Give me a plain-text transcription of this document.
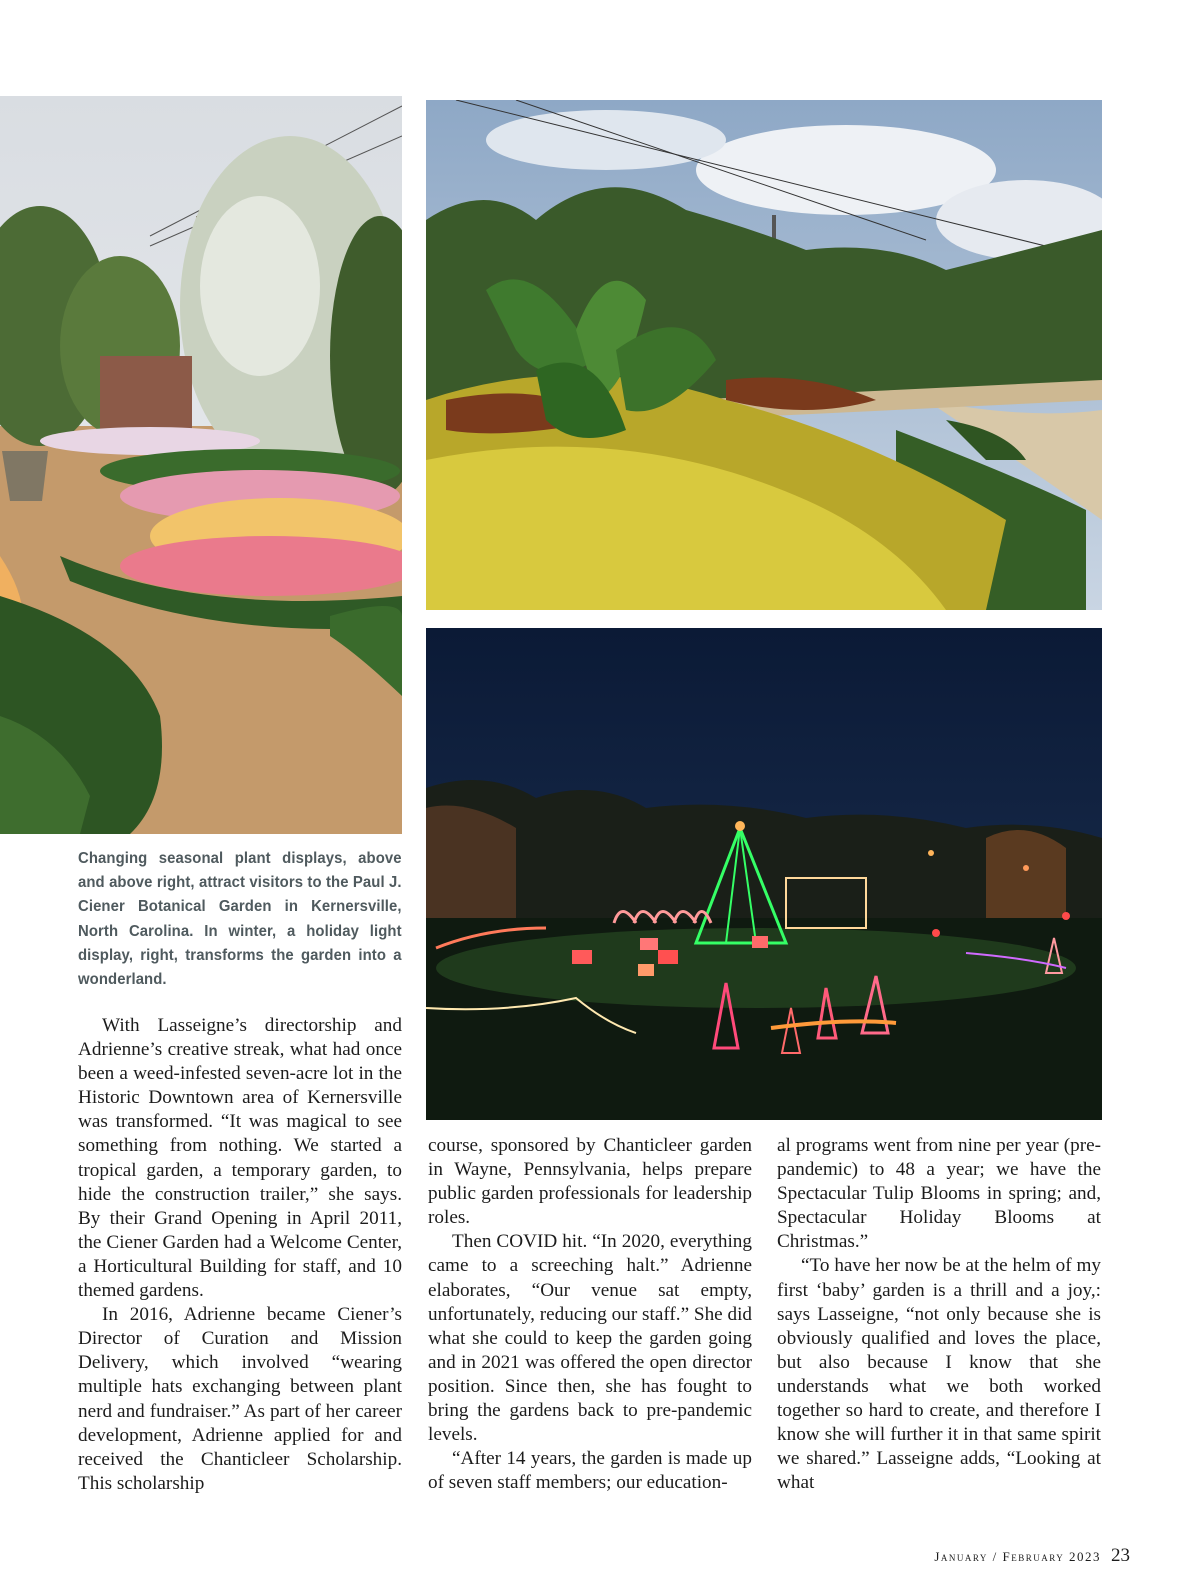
Changing seasonal plant displays, above and above right, attract visitors to the Paul J. Ciener Botanical Garden in Kernersville, North Carolina. In winter, a holiday light display, right, transforms the garden into a wonderland.

With Lasseigne’s directorship and Adrienne’s creative streak, what had once been a weed-infested seven-acre lot in the Historic Downtown area of Kernersville was transformed. “It was magical to see something from nothing. We started a tropical garden, a temporary garden, to hide the construction trailer,” she says. By their Grand Opening in April 2011, the Ciener Garden had a Welcome Center, a Horticultural Building for staff, and 10 themed gardens.

In 2016, Adrienne became Ciener’s Director of Curation and Mission Delivery, which involved “wearing multiple hats exchanging between plant nerd and fundraiser.” As part of her career development, Adrienne applied for and received the Chanticleer Scholarship. This scholarship

course, sponsored by Chanticleer garden in Wayne, Pennsylvania, helps prepare public garden professionals for leadership roles.

Then COVID hit. “In 2020, everything came to a screeching halt.” Adrienne elaborates, “Our venue sat empty, unfortunately, reducing our staff.” She did what she could to keep the garden going and in 2021 was offered the open director position. Since then, she has fought to bring the gardens back to pre-pandemic levels.

“After 14 years, the garden is made up of seven staff members; our education-

al programs went from nine per year (pre-pandemic) to 48 a year; we have the Spectacular Tulip Blooms in spring; and, Spectacular Holiday Blooms at Christmas.”

“To have her now be at the helm of my first ‘baby’ garden is a thrill and a joy,: says Lasseigne, “not only because she is obviously qualified and loves the place, but also because I know that she understands what we both worked together so hard to create, and therefore I know she will further it in that same spirit we shared.” Lasseigne adds, “Looking at what

January / February 2023 23
